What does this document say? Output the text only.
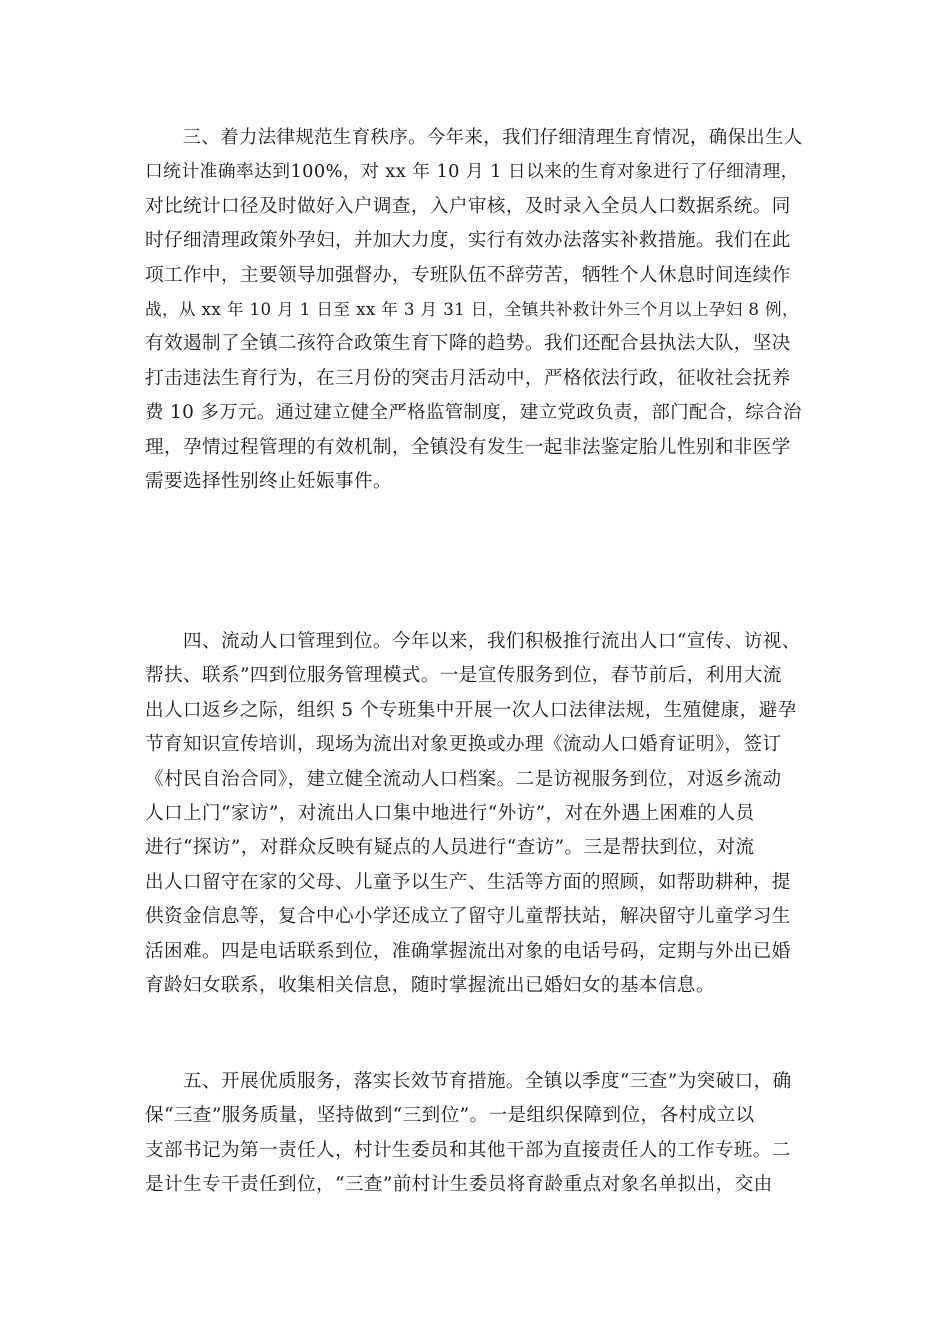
　　三、着力法律规范生育秩序。今年来，我们仔细清理生育情况，确保出生人
口统计准确率达到100%，对 xx 年 10 月 1 日以来的生育对象进行了仔细清理，
对比统计口径及时做好入户调查，入户审核，及时录入全员人口数据系统。同
时仔细清理政策外孕妇，并加大力度，实行有效办法落实补救措施。我们在此
项工作中，主要领导加强督办，专班队伍不辞劳苦，牺牲个人休息时间连续作
战，从 xx 年 10 月 1 日至 xx 年 3 月 31 日，全镇共补救计外三个月以上孕妇 8 例，
有效遏制了全镇二孩符合政策生育下降的趋势。我们还配合县执法大队，坚决
打击违法生育行为，在三月份的突击月活动中，严格依法行政，征收社会抚养
费 10 多万元。通过建立健全严格监管制度，建立党政负责，部门配合，综合治
理，孕情过程管理的有效机制，全镇没有发生一起非法鉴定胎儿性别和非医学
需要选择性别终止妊娠事件。
　　四、流动人口管理到位。今年以来，我们积极推行流出人口“宣传、访视、
帮扶、联系”四到位服务管理模式。一是宣传服务到位，春节前后，利用大流
出人口返乡之际，组织 5 个专班集中开展一次人口法律法规，生殖健康，避孕
节育知识宣传培训，现场为流出对象更换或办理《流动人口婚育证明》，签订
《村民自治合同》，建立健全流动人口档案。二是访视服务到位，对返乡流动
人口上门“家访”，对流出人口集中地进行“外访”，对在外遇上困难的人员
进行“探访”，对群众反映有疑点的人员进行“查访”。三是帮扶到位，对流
出人口留守在家的父母、儿童予以生产、生活等方面的照顾，如帮助耕种，提
供资金信息等，复合中心小学还成立了留守儿童帮扶站，解决留守儿童学习生
活困难。四是电话联系到位，准确掌握流出对象的电话号码，定期与外出已婚
育龄妇女联系，收集相关信息，随时掌握流出已婚妇女的基本信息。
　　五、开展优质服务，落实长效节育措施。全镇以季度“三查”为突破口，确
保“三查”服务质量，坚持做到“三到位”。一是组织保障到位，各村成立以
支部书记为第一责任人，村计生委员和其他干部为直接责任人的工作专班。二
是计生专干责任到位，“三查”前村计生委员将育龄重点对象名单拟出，交由
